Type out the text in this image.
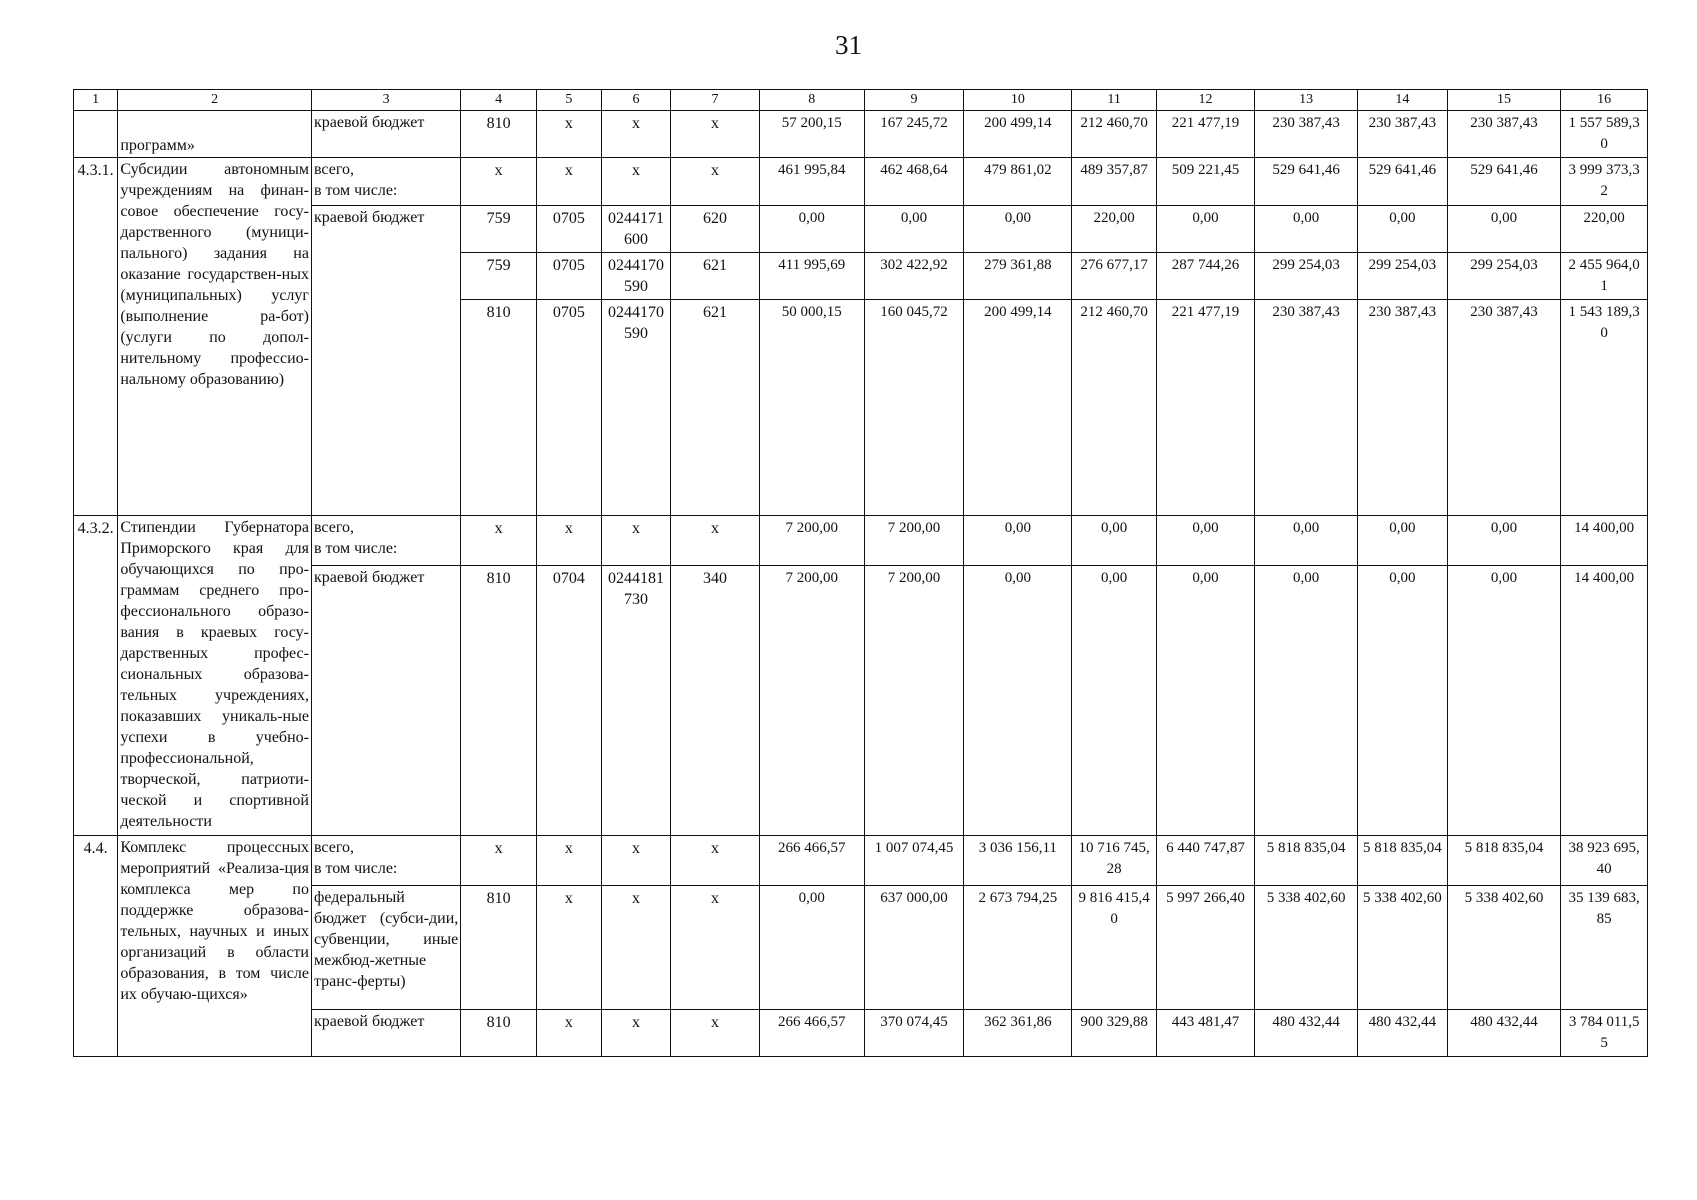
31
1	2	3	4	5	6	7	8	9	10	11	12	13	14	15	16
	программ»	краевой бюджет	810	x	x	x	57 200,15	167 245,72	200 499,14	212 460,70	221 477,19	230 387,43	230 387,43	230 387,43	1 557 589,30
4.3.1.	Субсидии автономным учреждениям на финан-совое обеспечение госу-дарственного (муници-пального) задания на оказание государствен-ных (муниципальных) услуг (выполнение ра-бот) (услуги по допол-нительному профессио-нальному образованию)	всего,
в том числе:	x	x	x	x	461 995,84	462 468,64	479 861,02	489 357,87	509 221,45	529 641,46	529 641,46	529 641,46	3 999 373,32
		краевой бюджет	759	0705	0244171600	620	0,00	0,00	0,00	220,00	0,00	0,00	0,00	0,00	220,00
			759	0705	0244170590	621	411 995,69	302 422,92	279 361,88	276 677,17	287 744,26	299 254,03	299 254,03	299 254,03	2 455 964,01
			810	0705	0244170590	621	50 000,15	160 045,72	200 499,14	212 460,70	221 477,19	230 387,43	230 387,43	230 387,43	1 543 189,30
4.3.2.	Стипендии Губернатора Приморского края для обучающихся по про-граммам среднего про-фессионального образо-вания в краевых госу-дарственных профес-сиональных образова-тельных учреждениях, показавших уникаль-ные успехи в учебно-профессиональной, творческой, патриоти-ческой и спортивной деятельности	всего,
в том числе:	x	x	x	x	7 200,00	7 200,00	0,00	0,00	0,00	0,00	0,00	0,00	14 400,00
		краевой бюджет	810	0704	0244181730	340	7 200,00	7 200,00	0,00	0,00	0,00	0,00	0,00	0,00	14 400,00
4.4.	Комплекс процессных мероприятий «Реализа-ция комплекса мер по поддержке образова-тельных, научных и иных организаций в области образования, в том числе их обучаю-щихся»	всего,
в том числе:	x	x	x	x	266 466,57	1 007 074,45	3 036 156,11	10 716 745,28	6 440 747,87	5 818 835,04	5 818 835,04	5 818 835,04	38 923 695,40
		федеральный бюджет (субси-дии, субвенции, иные межбюд-жетные транс-ферты)	810	x	x	x	0,00	637 000,00	2 673 794,25	9 816 415,40	5 997 266,40	5 338 402,60	5 338 402,60	5 338 402,60	35 139 683,85
		краевой бюджет	810	x	x	x	266 466,57	370 074,45	362 361,86	900 329,88	443 481,47	480 432,44	480 432,44	480 432,44	3 784 011,55
